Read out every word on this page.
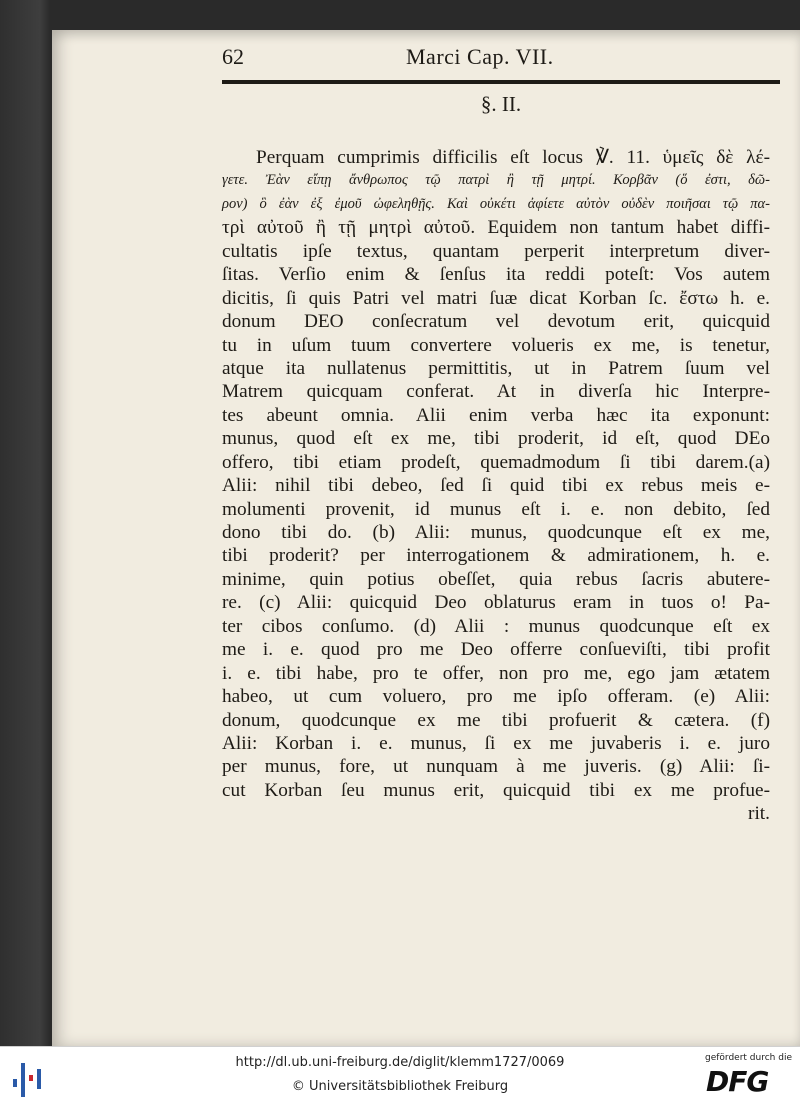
62	Marci Cap. VII.
§. II.
Perquam cumprimis difficilis eſt locus ℣. 11. ὑμεῖς δὲ λέ-
γετε. Ἐὰν εἴπῃ ἄνθρωπος τῷ πατρὶ ἢ τῇ μητρί. Κορβᾶν (ὅ ἐστι, δῶ-
ρον) ὃ ἐὰν ἐξ ἐμοῦ ὠφεληθῇς. Καὶ οὐκέτι ἀφίετε αὐτὸν οὐδὲν ποιῆσαι τῷ πα-
τρὶ αὐτοῦ ἢ τῇ μητρὶ αὐτοῦ. Equidem non tantum habet diffi-
cultatis ipſe textus, quantam perperit interpretum diver-
ſitas. Verſio enim & ſenſus ita reddi poteſt: Vos autem
dicitis, ſi quis Patri vel matri ſuæ dicat Korban ſc. ἔστω h. e.
donum DEO conſecratum vel devotum erit, quicquid
tu in uſum tuum convertere volueris ex me, is tenetur,
atque ita nullatenus permittitis, ut in Patrem ſuum vel
Matrem quicquam conferat. At in diverſa hic Interpre-
tes abeunt omnia. Alii enim verba hæc ita exponunt:
munus, quod eſt ex me, tibi proderit, id eſt, quod DEo
offero, tibi etiam prodeſt, quemadmodum ſi tibi darem.(a)
Alii: nihil tibi debeo, ſed ſi quid tibi ex rebus meis e-
molumenti provenit, id munus eſt i. e. non debito, ſed
dono tibi do. (b) Alii: munus, quodcunque eſt ex me,
tibi proderit? per interrogationem & admirationem, h. e.
minime, quin potius obeſſet, quia rebus ſacris abutere-
re. (c) Alii: quicquid Deo oblaturus eram in tuos o! Pa-
ter cibos conſumo. (d) Alii : munus quodcunque eſt ex
me i. e. quod pro me Deo offerre conſueviſti, tibi profit
i. e. tibi habe, pro te offer, non pro me, ego jam ætatem
habeo, ut cum voluero, pro me ipſo offeram. (e) Alii:
donum, quodcunque ex me tibi profuerit & cætera. (f)
Alii: Korban i. e. munus, ſi ex me juvaberis i. e. juro
per munus, fore, ut nunquam à me juveris. (g) Alii: ſi-
cut Korban ſeu munus erit, quicquid tibi ex me profue-
rit.
http://dl.ub.uni-freiburg.de/diglit/klemm1727/0069
© Universitätsbibliothek Freiburg
gefördert durch die
DFG
